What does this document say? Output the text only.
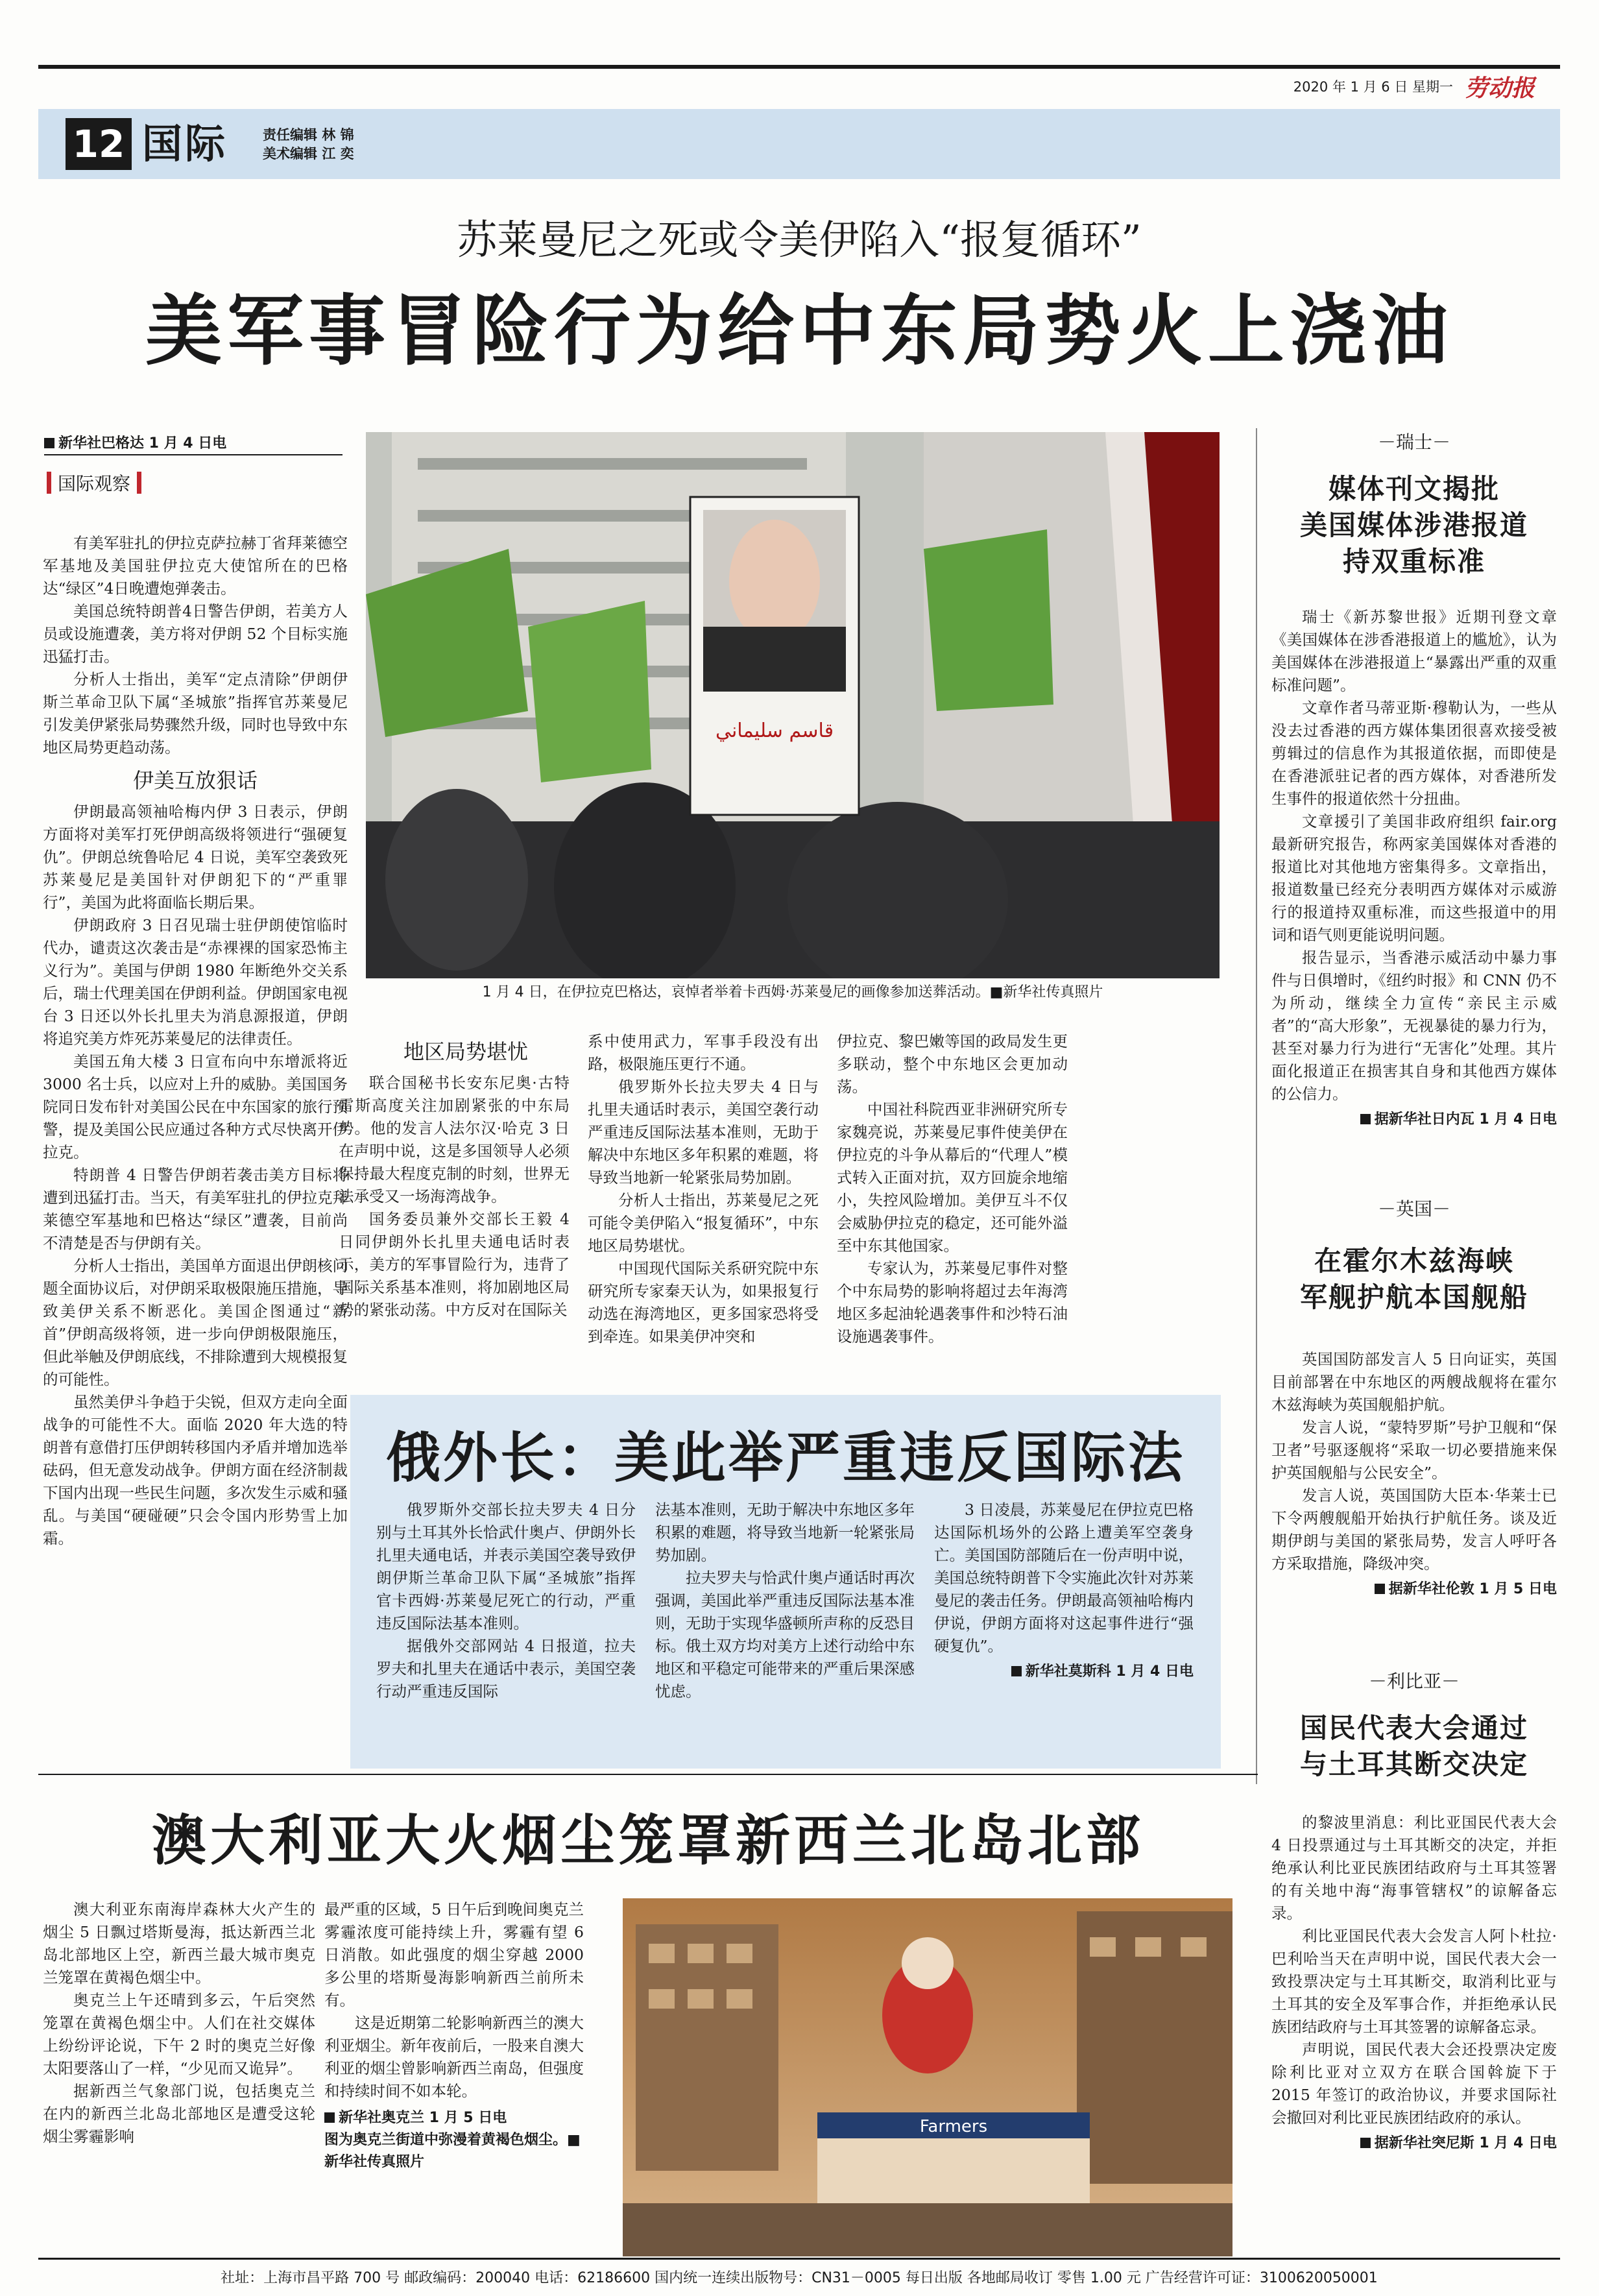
2020 年 1 月 6 日 星期一 劳动报
12 国际	责任编辑 林 锦
美术编辑 江 奕
苏莱曼尼之死或令美伊陷入“报复循环”
美军事冒险行为给中东局势火上浇油
新华社巴格达 1 月 4 日电
国际观察

有美军驻扎的伊拉克萨拉赫丁省拜莱德空军基地及美国驻伊拉克大使馆所在的巴格达“绿区”4日晚遭炮弹袭击。

美国总统特朗普4日警告伊朗，若美方人员或设施遭袭，美方将对伊朗 52 个目标实施迅猛打击。

分析人士指出，美军“定点清除”伊朗伊斯兰革命卫队下属“圣城旅”指挥官苏莱曼尼引发美伊紧张局势骤然升级，同时也导致中东地区局势更趋动荡。

伊美互放狠话

伊朗最高领袖哈梅内伊 3 日表示，伊朗方面将对美军打死伊朗高级将领进行“强硬复仇”。伊朗总统鲁哈尼 4 日说，美军空袭致死苏莱曼尼是美国针对伊朗犯下的“严重罪行”，美国为此将面临长期后果。

伊朗政府 3 日召见瑞士驻伊朗使馆临时代办，谴责这次袭击是“赤裸裸的国家恐怖主义行为”。美国与伊朗 1980 年断绝外交关系后，瑞士代理美国在伊朗利益。伊朗国家电视台 3 日还以外长扎里夫为消息源报道，伊朗将追究美方炸死苏莱曼尼的法律责任。

美国五角大楼 3 日宣布向中东增派将近 3000 名士兵，以应对上升的威胁。美国国务院同日发布针对美国公民在中东国家的旅行预警，提及美国公民应通过各种方式尽快离开伊拉克。

特朗普 4 日警告伊朗若袭击美方目标将遭到迅猛打击。当天，有美军驻扎的伊拉克拜莱德空军基地和巴格达“绿区”遭袭，目前尚不清楚是否与伊朗有关。

分析人士指出，美国单方面退出伊朗核问题全面协议后，对伊朗采取极限施压措施，导致美伊关系不断恶化。美国企图通过“新首”伊朗高级将领，进一步向伊朗极限施压，但此举触及伊朗底线，不排除遭到大规模报复的可能性。

虽然美伊斗争趋于尖锐，但双方走向全面战争的可能性不大。面临 2020 年大选的特朗普有意借打压伊朗转移国内矛盾并增加选举砝码，但无意发动战争。伊朗方面在经济制裁下国内出现一些民生问题，多次发生示威和骚乱。与美国“硬碰硬”只会令国内形势雪上加霜。

قاسم سليماني
1 月 4 日，在伊拉克巴格达，哀悼者举着卡西姆·苏莱曼尼的画像参加送葬活动。■新华社传真照片
地区局势堪忧

联合国秘书长安东尼奥·古特雷斯高度关注加剧紧张的中东局势。他的发言人法尔汉·哈克 3 日在声明中说，这是多国领导人必须保持最大程度克制的时刻，世界无法承受又一场海湾战争。

国务委员兼外交部长王毅 4 日同伊朗外长扎里夫通电话时表示，美方的军事冒险行为，违背了国际关系基本准则，将加剧地区局势的紧张动荡。中方反对在国际关

系中使用武力，军事手段没有出路，极限施压更行不通。

俄罗斯外长拉夫罗夫 4 日与扎里夫通话时表示，美国空袭行动严重违反国际法基本准则，无助于解决中东地区多年积累的难题，将导致当地新一轮紧张局势加剧。

分析人士指出，苏莱曼尼之死可能令美伊陷入“报复循环”，中东地区局势堪忧。

中国现代国际关系研究院中东研究所专家秦天认为，如果报复行动选在海湾地区，更多国家恐将受到牵连。如果美伊冲突和

伊拉克、黎巴嫩等国的政局发生更多联动，整个中东地区会更加动荡。

中国社科院西亚非洲研究所专家魏亮说，苏莱曼尼事件使美伊在伊拉克的斗争从幕后的“代理人”模式转入正面对抗，双方回旋余地缩小，失控风险增加。美伊互斗不仅会威胁伊拉克的稳定，还可能外溢至中东其他国家。

专家认为，苏莱曼尼事件对整个中东局势的影响将超过去年海湾地区多起油轮遇袭事件和沙特石油设施遇袭事件。

俄外长：美此举严重违反国际法

俄罗斯外交部长拉夫罗夫 4 日分别与土耳其外长恰武什奥卢、伊朗外长扎里夫通电话，并表示美国空袭导致伊朗伊斯兰革命卫队下属“圣城旅”指挥官卡西姆·苏莱曼尼死亡的行动，严重违反国际法基本准则。

据俄外交部网站 4 日报道，拉夫罗夫和扎里夫在通话中表示，美国空袭行动严重违反国际

法基本准则，无助于解决中东地区多年积累的难题，将导致当地新一轮紧张局势加剧。

拉夫罗夫与恰武什奥卢通话时再次强调，美国此举严重违反国际法基本准则，无助于实现华盛顿所声称的反恐目标。俄土双方均对美方上述行动给中东地区和平稳定可能带来的严重后果深感忧虑。

3 日凌晨，苏莱曼尼在伊拉克巴格达国际机场外的公路上遭美军空袭身亡。美国国防部随后在一份声明中说，美国总统特朗普下令实施此次针对苏莱曼尼的袭击任务。伊朗最高领袖哈梅内伊说，伊朗方面将对这起事件进行“强硬复仇”。

新华社莫斯科 1 月 4 日电
－瑞士－
媒体刊文揭批
美国媒体涉港报道
持双重标准

瑞士《新苏黎世报》近期刊登文章《美国媒体在涉香港报道上的尴尬》，认为美国媒体在涉港报道上“暴露出严重的双重标准问题”。

文章作者马蒂亚斯·穆勒认为，一些从没去过香港的西方媒体集团很喜欢接受被剪辑过的信息作为其报道依据，而即使是在香港派驻记者的西方媒体，对香港所发生事件的报道依然十分扭曲。

文章援引了美国非政府组织 fair.org 最新研究报告，称两家美国媒体对香港的报道比对其他地方密集得多。文章指出，报道数量已经充分表明西方媒体对示威游行的报道持双重标准，而这些报道中的用词和语气则更能说明问题。

报告显示，当香港示威活动中暴力事件与日俱增时，《纽约时报》和 CNN 仍不为所动，继续全力宣传“亲民主示威者”的“高大形象”，无视暴徒的暴力行为，甚至对暴力行为进行“无害化”处理。其片面化报道正在损害其自身和其他西方媒体的公信力。

据新华社日内瓦 1 月 4 日电
－英国－
在霍尔木兹海峡
军舰护航本国舰船

英国国防部发言人 5 日向证实，英国目前部署在中东地区的两艘战舰将在霍尔木兹海峡为英国舰船护航。

发言人说，“蒙特罗斯”号护卫舰和“保卫者”号驱逐舰将“采取一切必要措施来保护英国舰船与公民安全”。

发言人说，英国国防大臣本·华莱士已下令两艘舰船开始执行护航任务。谈及近期伊朗与美国的紧张局势，发言人呼吁各方采取措施，降级冲突。

据新华社伦敦 1 月 5 日电
－利比亚－
国民代表大会通过
与土耳其断交决定

的黎波里消息：利比亚国民代表大会 4 日投票通过与土耳其断交的决定，并拒绝承认利比亚民族团结政府与土耳其签署的有关地中海“海事管辖权”的谅解备忘录。

利比亚国民代表大会发言人阿卜杜拉·巴利哈当天在声明中说，国民代表大会一致投票决定与土耳其断交，取消利比亚与土耳其的安全及军事合作，并拒绝承认民族团结政府与土耳其签署的谅解备忘录。

声明说，国民代表大会还投票决定废除利比亚对立双方在联合国斡旋下于 2015 年签订的政治协议，并要求国际社会撤回对利比亚民族团结政府的承认。

据新华社突尼斯 1 月 4 日电
澳大利亚大火烟尘笼罩新西兰北岛北部

澳大利亚东南海岸森林大火产生的烟尘 5 日飘过塔斯曼海，抵达新西兰北岛北部地区上空，新西兰最大城市奥克兰笼罩在黄褐色烟尘中。

奥克兰上午还晴到多云，午后突然笼罩在黄褐色烟尘中。人们在社交媒体上纷纷评论说，下午 2 时的奥克兰好像太阳要落山了一样，“少见而又诡异”。

据新西兰气象部门说，包括奥克兰在内的新西兰北岛北部地区是遭受这轮烟尘雾霾影响

最严重的区域，5 日午后到晚间奥克兰雾霾浓度可能持续上升，雾霾有望 6 日消散。如此强度的烟尘穿越 2000 多公里的塔斯曼海影响新西兰前所未有。

这是近期第二轮影响新西兰的澳大利亚烟尘。新年夜前后，一股来自澳大利亚的烟尘曾影响新西兰南岛，但强度和持续时间不如本轮。

新华社奥克兰 1 月 5 日电
图为奥克兰街道中弥漫着黄褐色烟尘。■新华社传真照片
Farmers
社址：上海市昌平路 700 号 邮政编码：200040 电话：62186600 国内统一连续出版物号：CN31－0005 每日出版 各地邮局收订 零售 1.00 元 广告经营许可证：3100620050001
